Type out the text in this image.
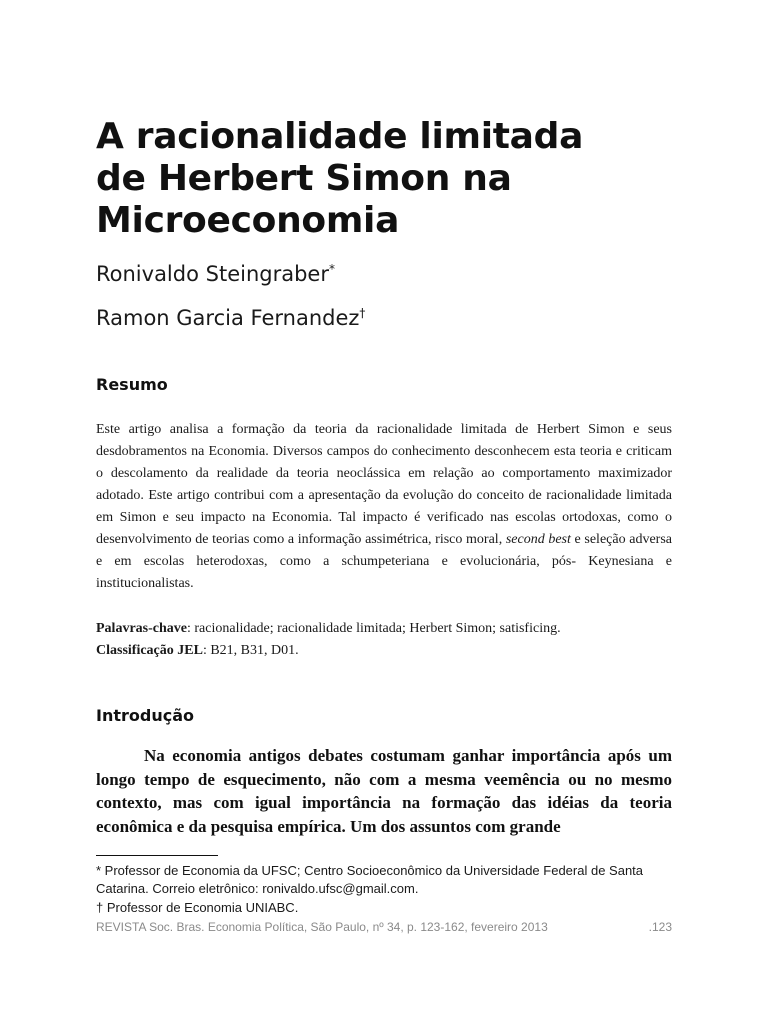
A racionalidade limitada
de Herbert Simon na
Microeconomia
Ronivaldo Steingraber*
Ramon Garcia Fernandez†
Resumo

Este artigo analisa a formação da teoria da racionalidade limitada de Herbert Simon e seus desdobramentos na Economia. Diversos campos do conhecimento desconhecem esta teoria e criticam o descolamento da realidade da teoria neoclássica em relação ao comportamento maximizador adotado. Este artigo contribui com a apresentação da evolução do conceito de racionalidade limitada em Simon e seu impacto na Economia. Tal impacto é verificado nas escolas ortodoxas, como o desenvolvimento de teorias como a informação assimétrica, risco moral, second best e seleção adversa e em escolas heterodoxas, como a schumpeteriana e evolucionária, pós- Keynesiana e institucionalistas.

Palavras-chave: racionalidade; racionalidade limitada; Herbert Simon; satisficing.
Classificação JEL: B21, B31, D01.
Introdução
Na economia antigos debates costumam ganhar importância após um longo tempo de esquecimento, não com a mesma veemência ou no mesmo contexto, mas com igual importância na formação das idéias da teoria econômica e da pesquisa empírica. Um dos assuntos com grande
* Professor de Economia da UFSC; Centro Socioeconômico da Universidade Federal de Santa Catarina. Correio eletrônico: ronivaldo.ufsc@gmail.com.
† Professor de Economia UNIABC.
REVISTA Soc. Bras. Economia Política, São Paulo, nº 34, p. 123-162, fevereiro 2013	.123
